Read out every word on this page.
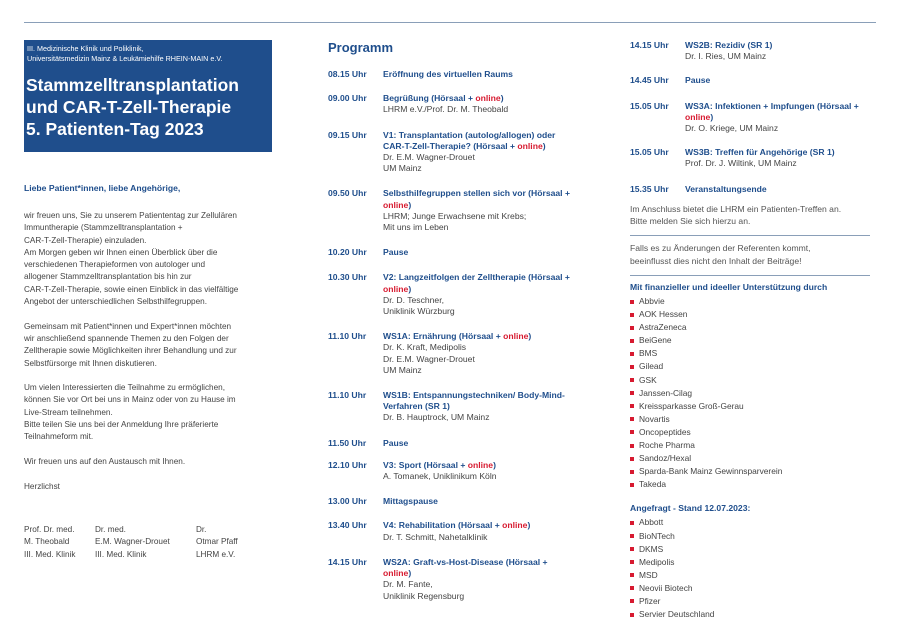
III. Medizinische Klinik und Poliklinik,
Universitätsmedizin Mainz & Leukämiehilfe RHEIN-MAIN e.V.
Stammzelltransplantation
und CAR-T-Zell-Therapie
5. Patienten-Tag 2023
Liebe Patient*innen, liebe Angehörige,

wir freuen uns, Sie zu unserem Patiententag zur Zellulären
Immuntherapie (Stammzelltransplantation +
CAR-T-Zell-Therapie) einzuladen.
Am Morgen geben wir Ihnen einen Überblick über die
verschiedenen Therapieformen von autologer und
allogener Stammzelltransplantation bis hin zur
CAR-T-Zell-Therapie, sowie einen Einblick in das vielfältige
Angebot der unterschiedlichen Selbsthilfegruppen.

Gemeinsam mit Patient*innen und Expert*innen möchten
wir anschließend spannende Themen zu den Folgen der
Zelltherapie sowie Möglichkeiten ihrer Behandlung und zur
Selbstfürsorge mit Ihnen diskutieren.

Um vielen Interessierten die Teilnahme zu ermöglichen,
können Sie vor Ort bei uns in Mainz oder von zu Hause im
Live-Stream teilnehmen.
Bitte teilen Sie uns bei der Anmeldung Ihre präferierte
Teilnahmeform mit.

Wir freuen uns auf den Austausch mit Ihnen.

Herzlichst

Prof. Dr. med.
M. Theobald
III. Med. Klinik
Dr. med.
E.M. Wagner-Drouet
III. Med. Klinik
Dr.
Otmar Pfaff
LHRM e.V.
Programm
08.15 Uhr	Eröffnung des virtuellen Raums
09.00 Uhr	Begrüßung (Hörsaal + online)
LHRM e.V./Prof. Dr. M. Theobald
09.15 Uhr	V1: Transplantation (autolog/allogen) oder CAR-T-Zell-Therapie? (Hörsaal + online)
Dr. E.M. Wagner-Drouet
UM Mainz
09.50 Uhr	Selbsthilfegruppen stellen sich vor (Hörsaal + online)
LHRM; Junge Erwachsene mit Krebs;
Mit uns im Leben
10.20 Uhr	Pause
10.30 Uhr	V2: Langzeitfolgen der Zelltherapie (Hörsaal + online)
Dr. D. Teschner,
Uniklinik Würzburg
11.10 Uhr	WS1A: Ernährung (Hörsaal + online)
Dr. K. Kraft, Medipolis
Dr. E.M. Wagner-Drouet
UM Mainz
11.10 Uhr	WS1B: Entspannungstechniken/ Body-Mind-Verfahren (SR 1)
Dr. B. Hauptrock, UM Mainz
11.50 Uhr	Pause
12.10 Uhr	V3: Sport (Hörsaal + online)
A. Tomanek, Uniklinikum Köln
13.00 Uhr	Mittagspause
13.40 Uhr	V4: Rehabilitation (Hörsaal + online)
Dr. T. Schmitt, Nahetalklinik
14.15 Uhr	WS2A: Graft-vs-Host-Disease (Hörsaal + online)
Dr. M. Fante,
Uniklinik Regensburg
14.15 Uhr	WS2B: Rezidiv (SR 1)
Dr. I. Ries, UM Mainz
14.45 Uhr	Pause
15.05 Uhr	WS3A: Infektionen + Impfungen (Hörsaal + online)
Dr. O. Kriege, UM Mainz
15.05 Uhr	WS3B: Treffen für Angehörige (SR 1)
Prof. Dr. J. Wiltink, UM Mainz
15.35 Uhr	Veranstaltungsende
Im Anschluss bietet die LHRM ein Patienten-Treffen an.
Bitte melden Sie sich hierzu an.
Falls es zu Änderungen der Referenten kommt,
beeinflusst dies nicht den Inhalt der Beiträge!
Mit finanzieller und ideeller Unterstützung durch
Abbvie
AOK Hessen
AstraZeneca
BeiGene
BMS
Gilead
GSK
Janssen-Cilag
Kreissparkasse Groß-Gerau
Novartis
Oncopeptides
Roche Pharma
Sandoz/Hexal
Sparda-Bank Mainz Gewinnsparverein
Takeda
Angefragt - Stand 12.07.2023:
Abbott
BioNTech
DKMS
Medipolis
MSD
Neovii Biotech
Pfizer
Servier Deutschland
